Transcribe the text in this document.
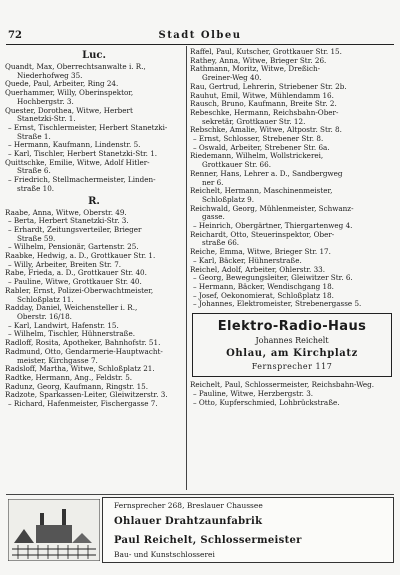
72	Stadt Olbeu
Luc.
Quandt, Max, Oberrechtsanwalte i. R.,
Niederhofweg 35.
Quede, Paul, Arbeiter, Ring 24.
Querhammer, Willy, Oberinspektor,
Hochbergstr. 3.
Quester, Dorothea, Witwe, Herbert
Stanetzki-Str. 1.
– Ernst, Tischlermeister, Herbert Stanetzki-
Straße 1.
– Hermann, Kaufmann, Lindenstr. 5.
– Karl, Tischler, Herbert Stanetzki-Str. 1.
Quittschke, Emilie, Witwe, Adolf Hitler-
Straße 6.
– Friedrich, Stellmachermeister, Linden-
straße 10.
R.
Raabe, Anna, Witwe, Oberstr. 49.
– Berta, Herbert Stanetzki-Str. 3.
– Erhardt, Zeitungsverteiler, Brieger
Straße 59.
– Wilhelm, Pensionär, Gartenstr. 25.
Raabke, Hedwig, a. D., Grottkauer Str. 1.
– Willy, Arbeiter, Breiten Str. 7.
Rabe, Frieda, a. D., Grottkauer Str. 40.
– Pauline, Witwe, Grottkauer Str. 40.
Rabler, Ernst, Polizei-Oberwachtmeister,
Schloßplatz 11.
Radday, Daniel, Weichensteller i. R.,
Oberstr. 16/18.
– Karl, Landwirt, Hafenstr. 15.
– Wilhelm, Tischler, Hühnerstraße.
Radloff, Rosita, Apotheker, Bahnhofstr. 51.
Radmund, Otto, Gendarmerie-Hauptwacht-
meister, Kirchgasse 7.
Radsloff, Martha, Witwe, Schloßplatz 21.
Radtke, Hermann, Ang., Feldstr. 5.
Radunz, Georg, Kaufmann, Ringstr. 15.
Radzote, Sparkassen-Leiter, Gleiwitzerstr. 3.
– Richard, Hafenmeister, Fischergasse 7.
Raffel, Paul, Kutscher, Grottkauer Str. 15.
Rathey, Anna, Witwe, Brieger Str. 26.
Rathmann, Moritz, Witwe, Dreßich-
Greiner-Weg 40.
Rau, Gertrud, Lehrerin, Striebener Str. 2b.
Rauhut, Emil, Witwe, Mühlendamm 16.
Rausch, Bruno, Kaufmann, Breite Str. 2.
Rebeschke, Hermann, Reichsbahn-Ober-
sekretär, Grottkauer Str. 12.
Rebschke, Amalie, Witwe, Altpostr. Str. 8.
– Ernst, Schlosser, Strebener Str. 8.
– Oswald, Arbeiter, Strebener Str. 6a.
Riedemann, Wilhelm, Wollstrickerei,
Grottkauer Str. 66.
Renner, Hans, Lehrer a. D., Sandbergweg
ner 6.
Reichelt, Hermann, Maschinenmeister,
Schloßplatz 9.
Reichwald, Georg, Mühlenmeister, Schwanz-
gasse.
– Heinrich, Obergärtner, Thiergartenweg 4.
Reichardt, Otto, Steuerinspektor, Ober-
straße 66.
Reiche, Emma, Witwe, Brieger Str. 17.
– Karl, Bäcker, Hühnerstraße.
Reichel, Adolf, Arbeiter, Ohlerstr. 33.
– Georg, Bewegungsleiter, Gleiwitzer Str. 6.
– Hermann, Bäcker, Wendischgang 18.
– Josef, Oekonomierat, Schloßplatz 18.
– Johannes, Elektromeister, Strebenergasse 5.
Elektro-Radio-Haus
Johannes Reichelt
Ohlau, am Kirchplatz
Fernsprecher 117
Reichelt, Paul, Schlossermeister, Reichsbahn-Weg.
– Pauline, Witwe, Herzbergstr. 3.
– Otto, Kupferschmied, Lohbrückstraße.
Fernsprecher 268, Breslauer Chaussee
Ohlauer Drahtzaunfabrik
Paul Reichelt, Schlossermeister
Bau- und Kunstschlosserei
